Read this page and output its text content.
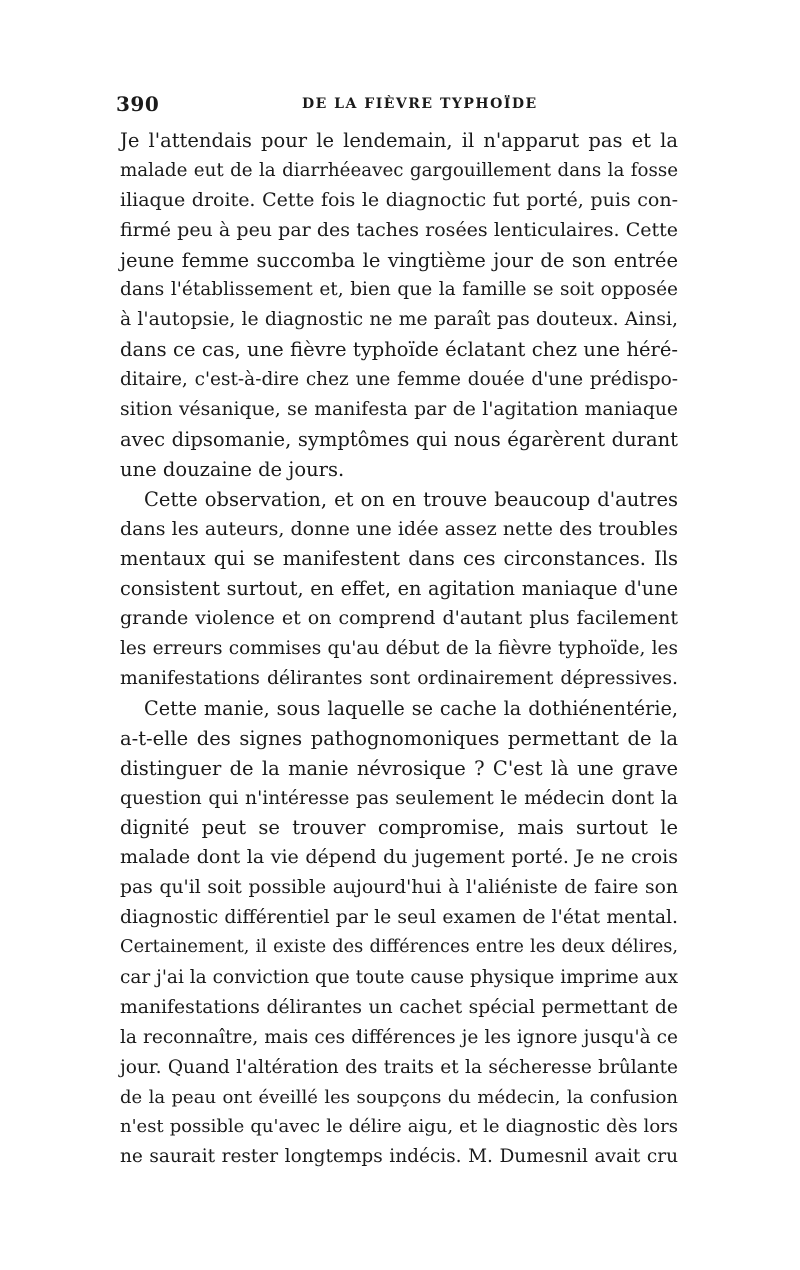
390	DE LA FIÈVRE TYPHOÏDE
Je l'attendais pour le lendemain, il n'apparut pas et la
malade eut de la diarrhéeavec gargouillement dans la fosse
iliaque droite. Cette fois le diagnoctic fut porté, puis con-
firmé peu à peu par des taches rosées lenticulaires. Cette
jeune femme succomba le vingtième jour de son entrée
dans l'établissement et, bien que la famille se soit opposée
à l'autopsie, le diagnostic ne me paraît pas douteux. Ainsi,
dans ce cas, une fièvre typhoïde éclatant chez une héré-
ditaire, c'est-à-dire chez une femme douée d'une prédispo-
sition vésanique, se manifesta par de l'agitation maniaque
avec dipsomanie, symptômes qui nous égarèrent durant
une douzaine de jours.
Cette observation, et on en trouve beaucoup d'autres
dans les auteurs, donne une idée assez nette des troubles
mentaux qui se manifestent dans ces circonstances. Ils
consistent surtout, en effet, en agitation maniaque d'une
grande violence et on comprend d'autant plus facilement
les erreurs commises qu'au début de la fièvre typhoïde, les
manifestations délirantes sont ordinairement dépressives.
Cette manie, sous laquelle se cache la dothiénentérie,
a-t-elle des signes pathognomoniques permettant de la
distinguer de la manie névrosique ? C'est là une grave
question qui n'intéresse pas seulement le médecin dont la
dignité peut se trouver compromise, mais surtout le
malade dont la vie dépend du jugement porté. Je ne crois
pas qu'il soit possible aujourd'hui à l'aliéniste de faire son
diagnostic différentiel par le seul examen de l'état mental.
Certainement, il existe des différences entre les deux délires,
car j'ai la conviction que toute cause physique imprime aux
manifestations délirantes un cachet spécial permettant de
la reconnaître, mais ces différences je les ignore jusqu'à ce
jour. Quand l'altération des traits et la sécheresse brûlante
de la peau ont éveillé les soupçons du médecin, la confusion
n'est possible qu'avec le délire aigu, et le diagnostic dès lors
ne saurait rester longtemps indécis. M. Dumesnil avait cru
